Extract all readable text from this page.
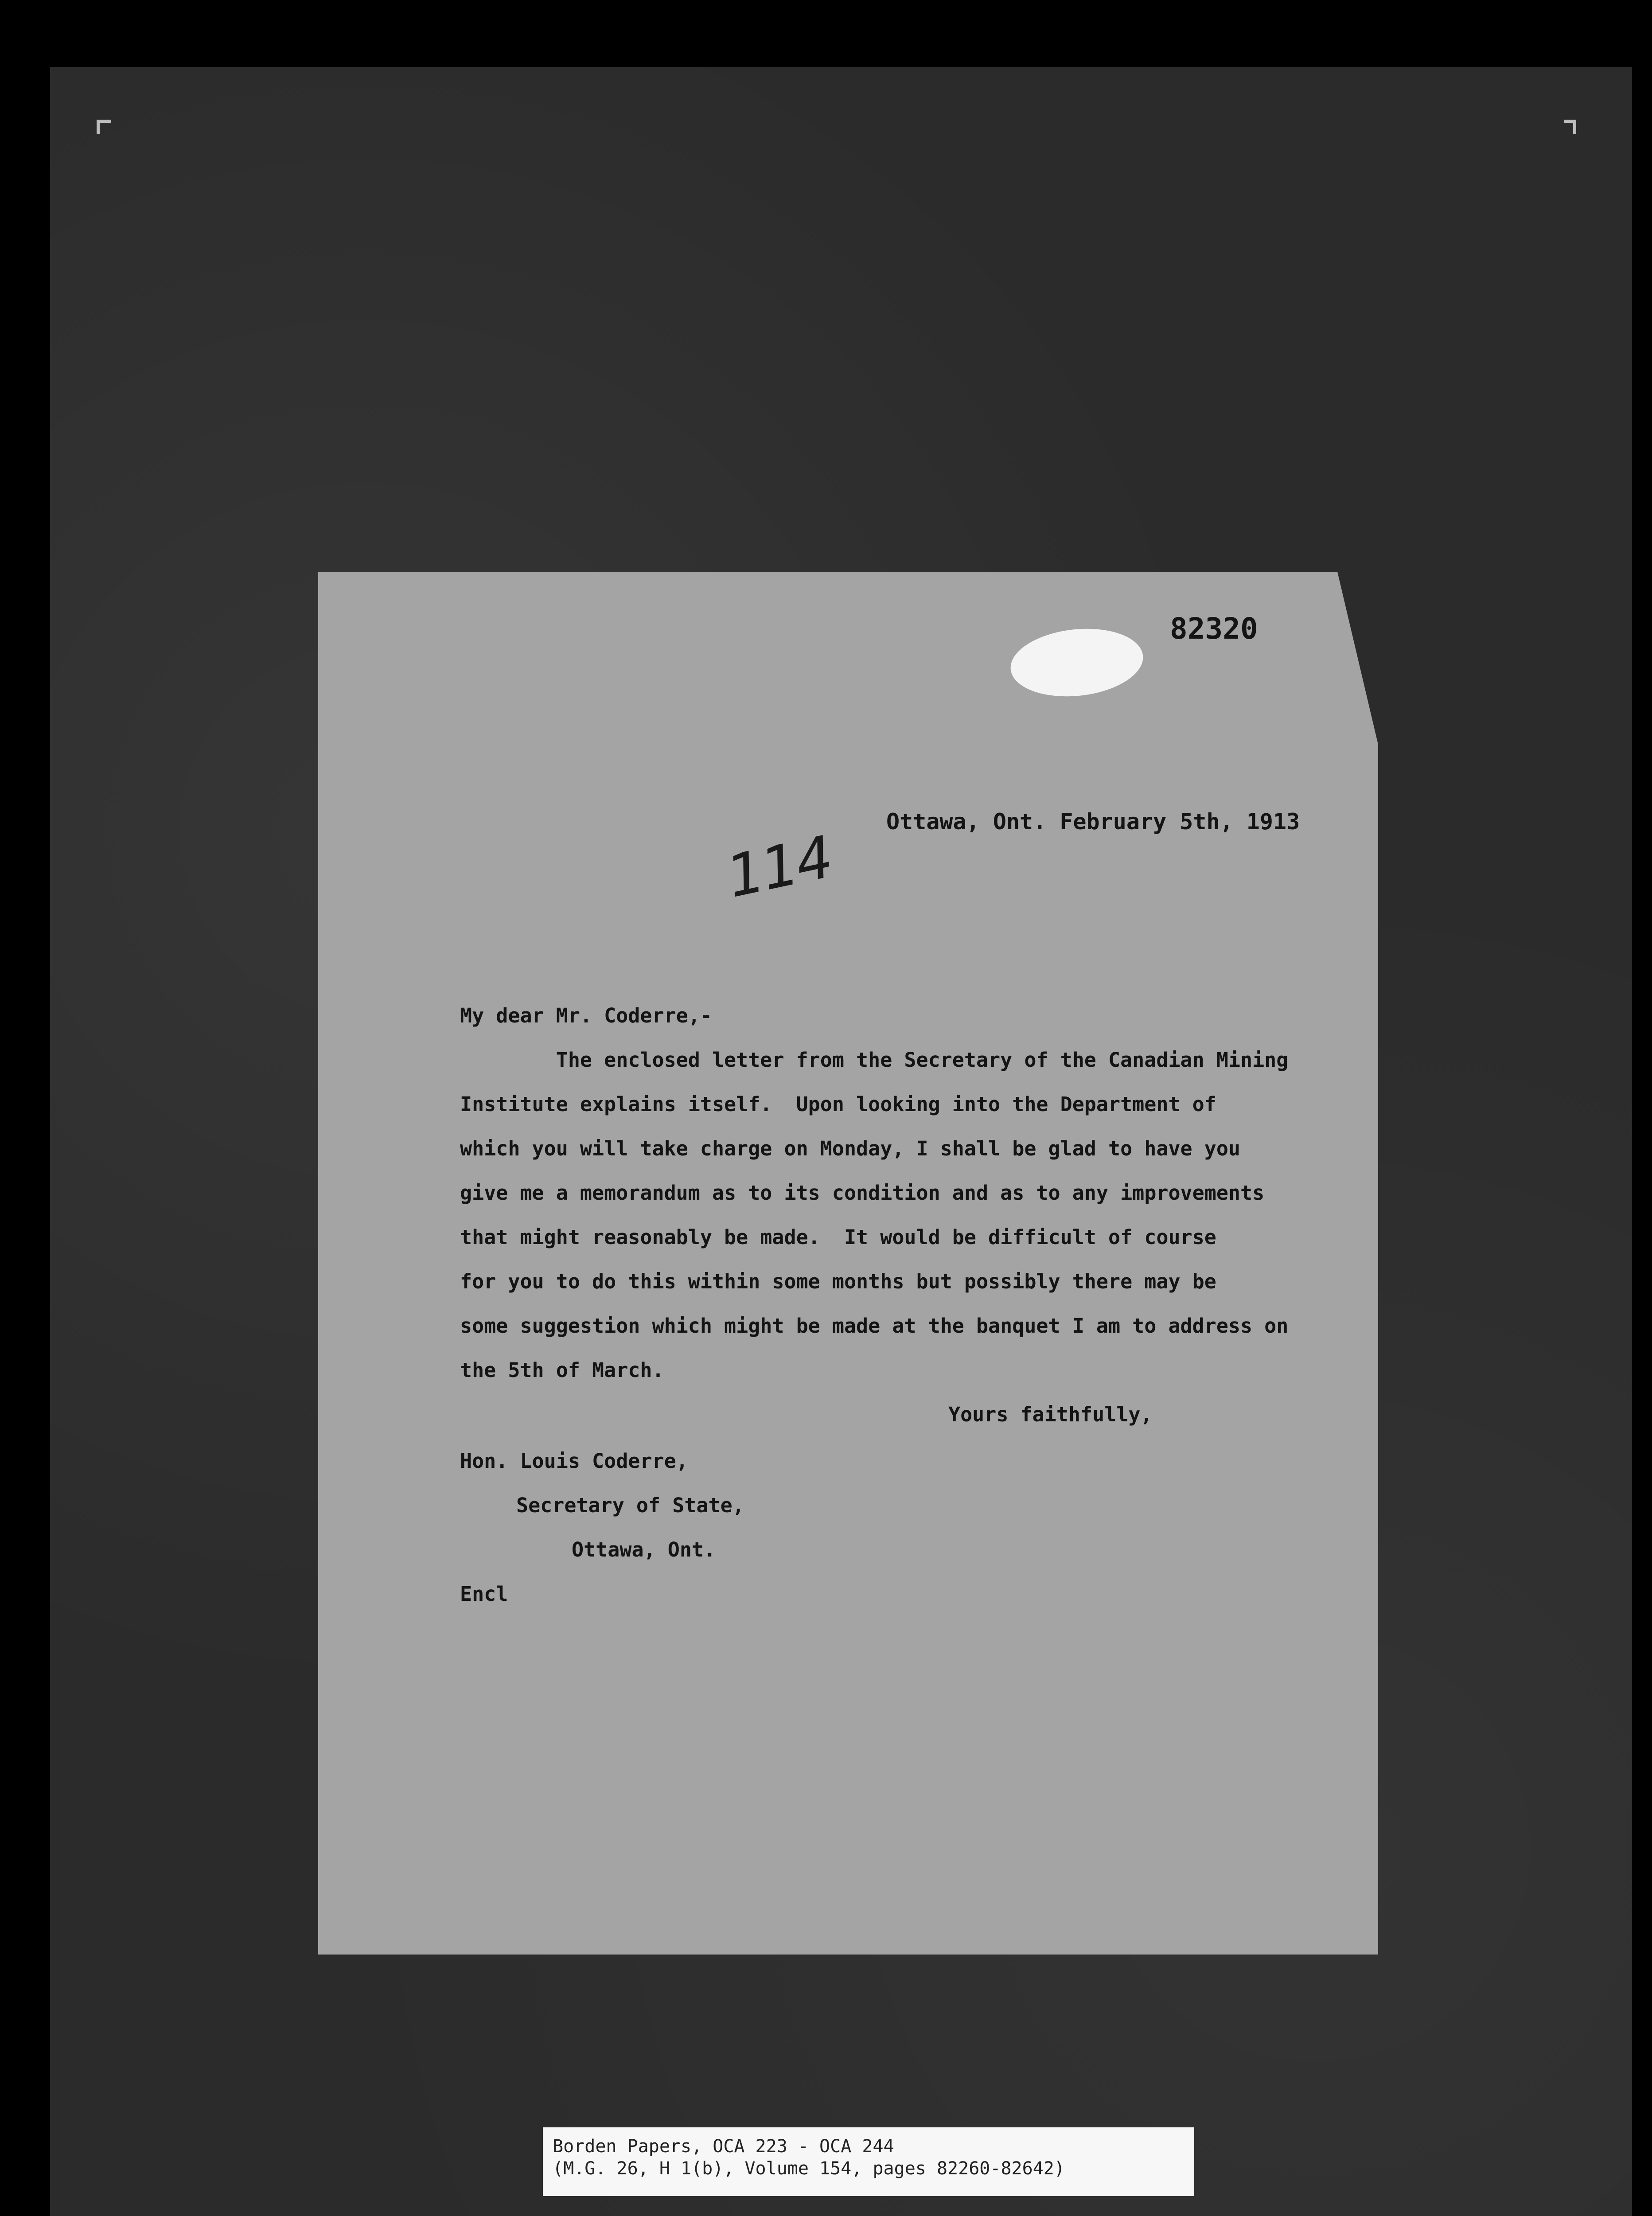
82320

Ottawa, Ont. February 5th, 1913

114

My dear Mr. Coderre,-

The enclosed letter from the Secretary of the Canadian Mining

Institute explains itself.  Upon looking into the Department of

which you will take charge on Monday, I shall be glad to have you

give me a memorandum as to its condition and as to any improvements

that might reasonably be made.  It would be difficult of course

for you to do this within some months but possibly there may be

some suggestion which might be made at the banquet I am to address on

the 5th of March.

Yours faithfully,

Hon. Louis Coderre,

Secretary of State,

Ottawa, Ont.

Encl

Borden Papers, OCA 223 - OCA 244
(M.G. 26, H 1(b), Volume 154, pages 82260-82642)
